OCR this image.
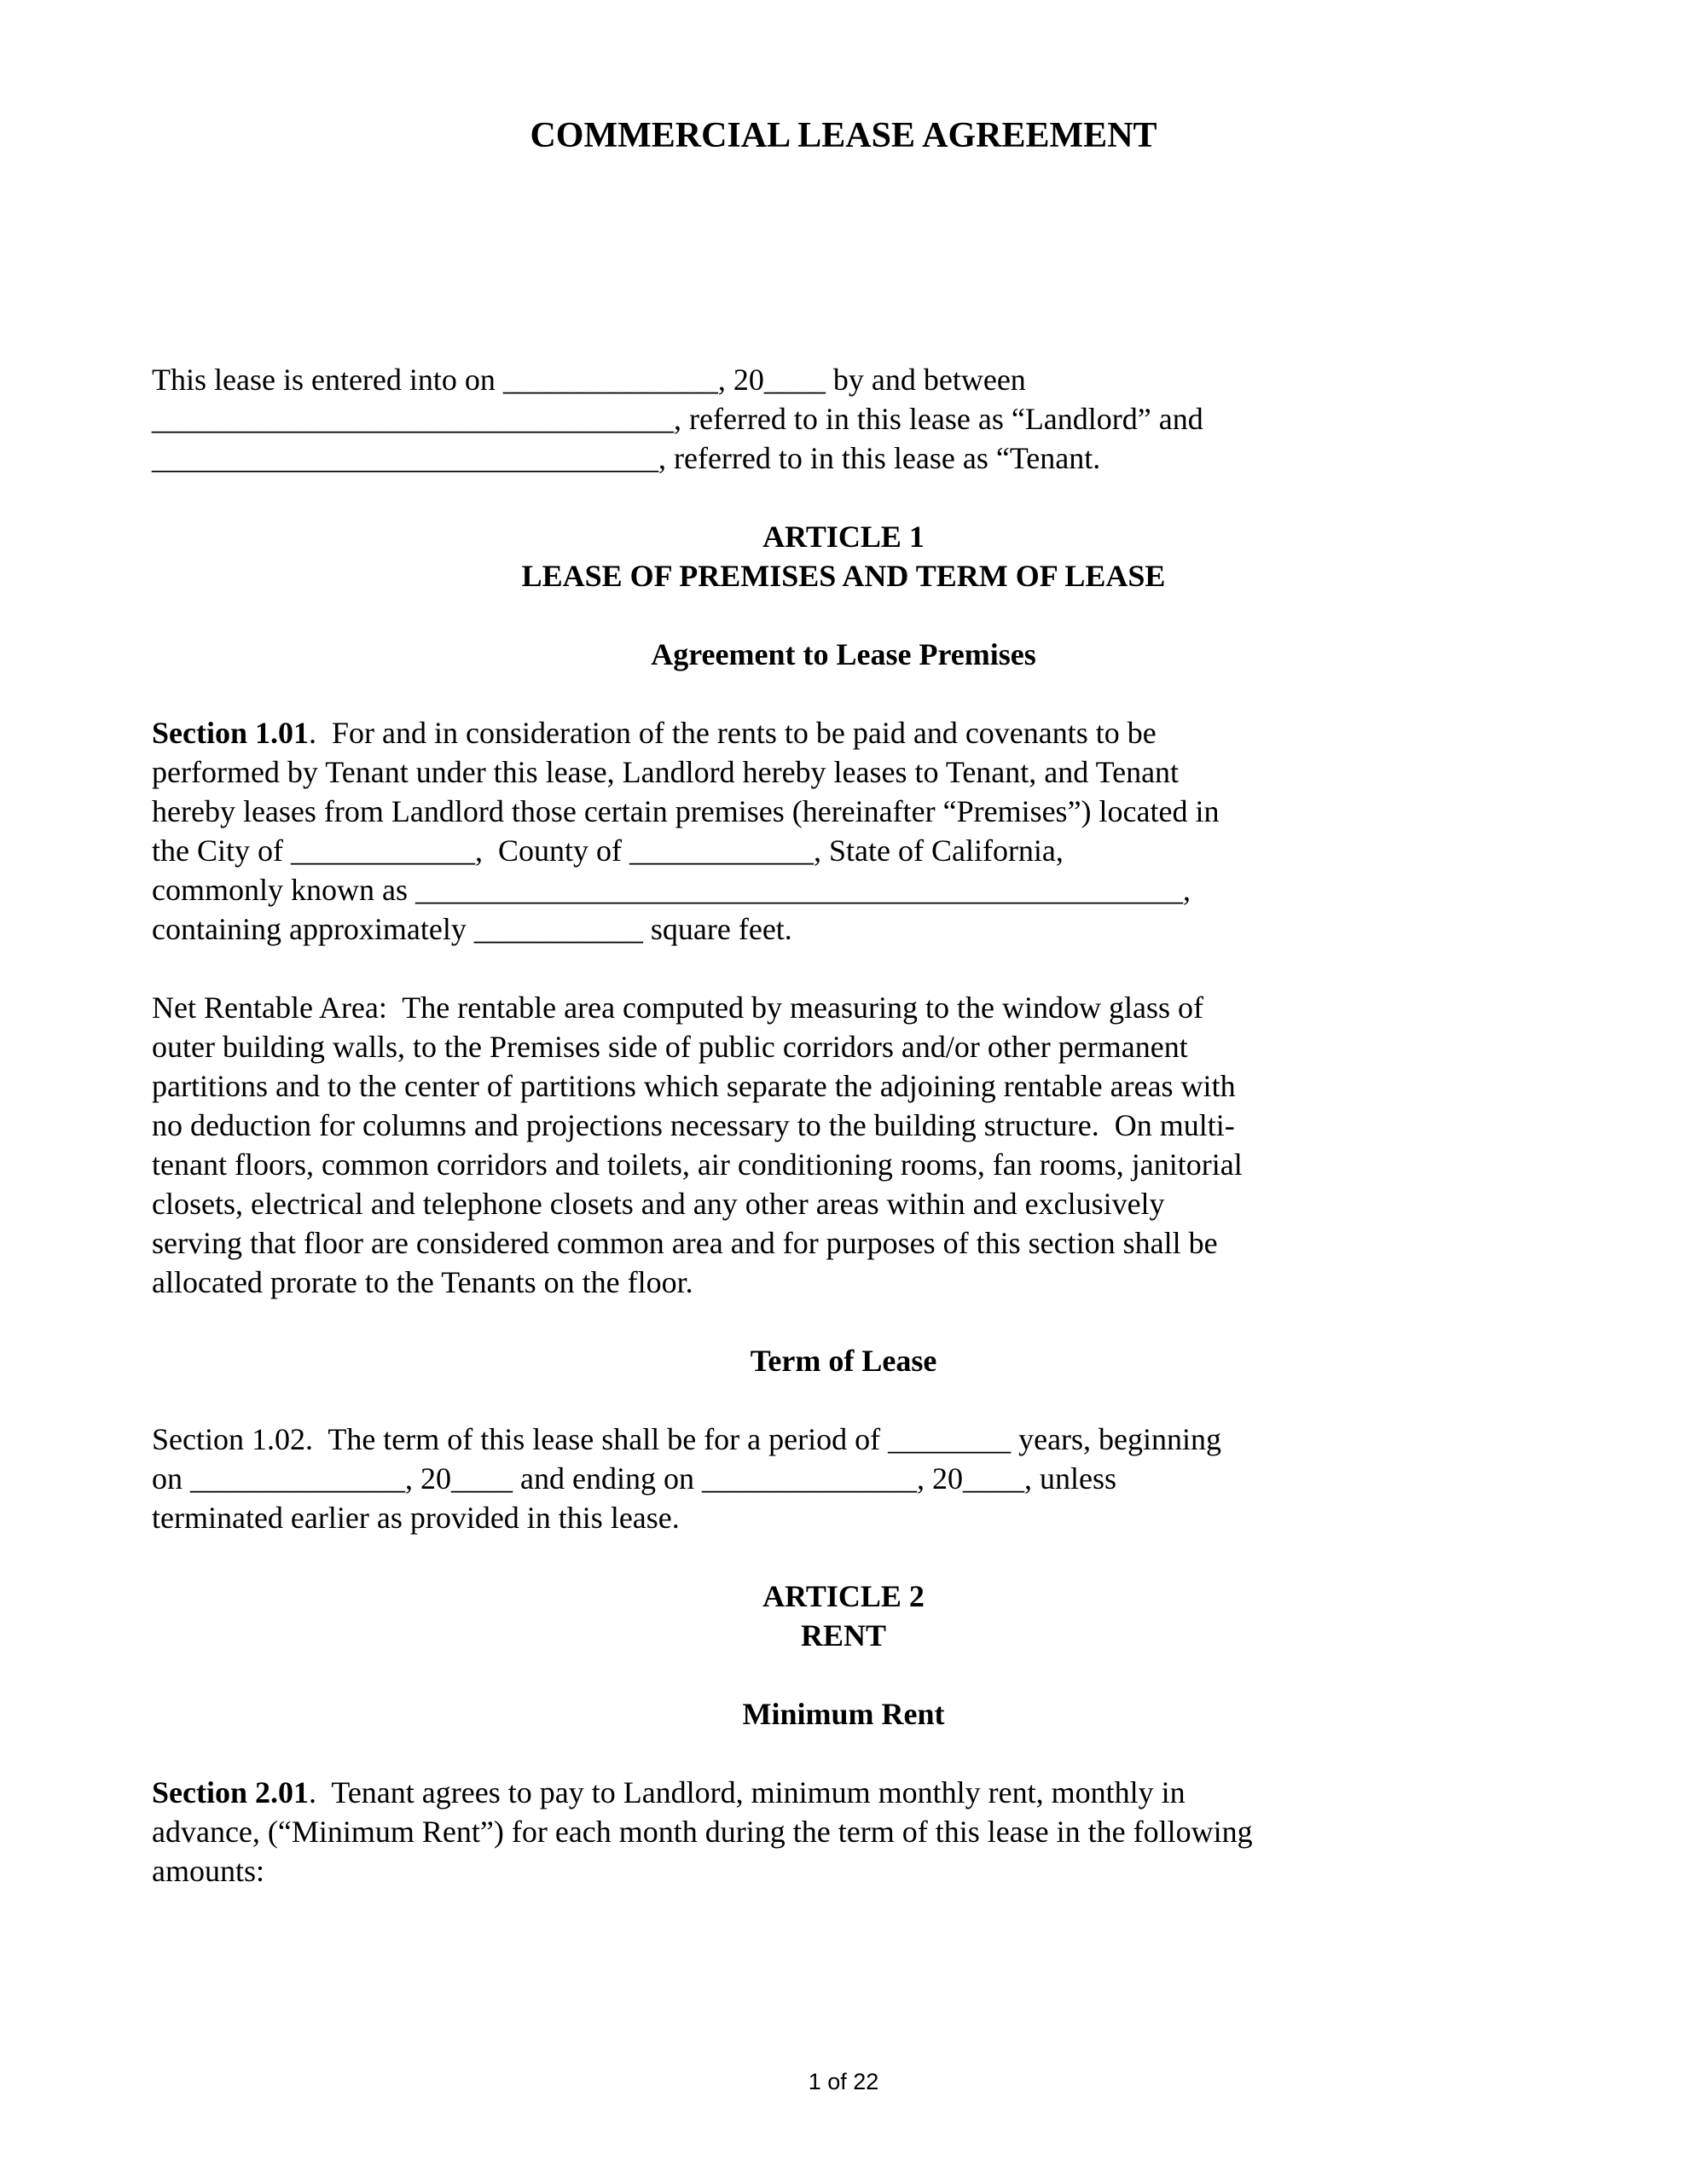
COMMERCIAL LEASE AGREEMENT
This lease is entered into on ______________, 20____ by and between
__________________________________, referred to in this lease as “Landlord” and
_________________________________, referred to in this lease as “Tenant.
ARTICLE 1
LEASE OF PREMISES AND TERM OF LEASE
Agreement to Lease Premises
Section 1.01.  For and in consideration of the rents to be paid and covenants to be
performed by Tenant under this lease, Landlord hereby leases to Tenant, and Tenant
hereby leases from Landlord those certain premises (hereinafter “Premises”) located in
the City of ____________,  County of ____________, State of California,
commonly known as __________________________________________________,
containing approximately ___________ square feet.
Net Rentable Area:  The rentable area computed by measuring to the window glass of
outer building walls, to the Premises side of public corridors and/or other permanent
partitions and to the center of partitions which separate the adjoining rentable areas with
no deduction for columns and projections necessary to the building structure.  On multi-
tenant floors, common corridors and toilets, air conditioning rooms, fan rooms, janitorial
closets, electrical and telephone closets and any other areas within and exclusively
serving that floor are considered common area and for purposes of this section shall be
allocated prorate to the Tenants on the floor.
Term of Lease
Section 1.02.  The term of this lease shall be for a period of ________ years, beginning
on ______________, 20____ and ending on ______________, 20____, unless
terminated earlier as provided in this lease.
ARTICLE 2
RENT
Minimum Rent
Section 2.01.  Tenant agrees to pay to Landlord, minimum monthly rent, monthly in
advance, (“Minimum Rent”) for each month during the term of this lease in the following
amounts:
1 of 22
